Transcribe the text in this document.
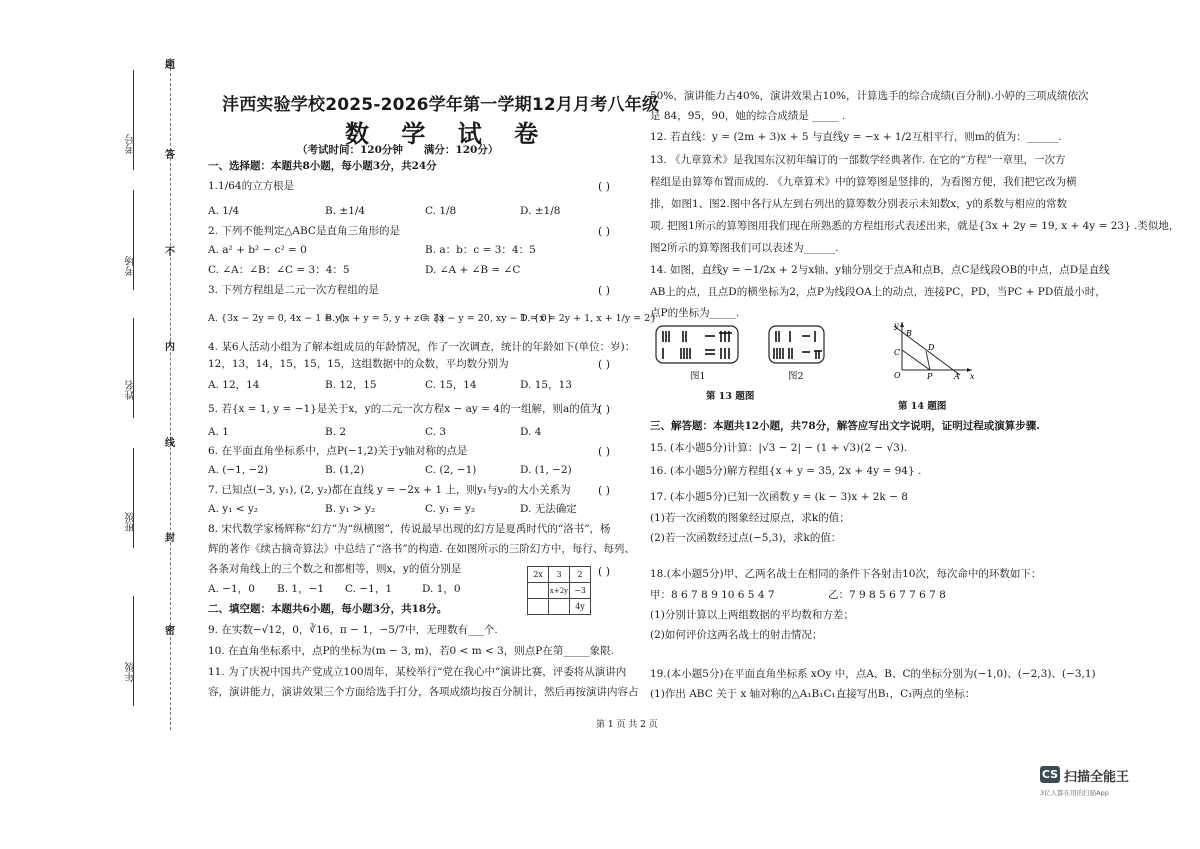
题
答
不
内
线
封
密
考号
考场
姓名
班级
年级
沣西实验学校2025-2026学年第一学期12月月考八年级
数 学 试 卷
（考试时间：120分钟　　满分：120分）
一、选择题：本题共8小题，每小题3分，共24分
1.1/64的立方根是	( )
A. 1/4	B. ±1/4	C. 1/8	D. ±1/8
2. 下列不能判定△ABC是直角三角形的是	( )
A. a² + b² − c² = 0	B. a：b：c = 3：4：5
C. ∠A：∠B：∠C = 3：4：5	D. ∠A + ∠B = ∠C
3. 下列方程组是二元一次方程组的是	( )
A. {3x − 2y = 0, 4x − 1 = y}
B. {x + y = 5, y + z = 3}
C. {x − y = 20, xy − 1 = 0}
D. {x = 2y + 1, x + 1/y = 2}
4. 某6人活动小组为了解本组成员的年龄情况，作了一次调查，统计的年龄如下(单位：岁)：
12，13，14，15，15，15，这组数据中的众数，平均数分别为	( )
A. 12，14	B. 12，15	C. 15，14	D. 15，13
5. 若{x = 1, y = −1}是关于x，y的二元一次方程x − ay = 4的一组解，则a的值为
( )
A. 1	B. 2	C. 3	D. 4
6. 在平面直角坐标系中，点P(−1,2)关于y轴对称的点是	( )
A. (−1, −2)	B. (1,2)	C. (2, −1)	D. (1, −2)
7. 已知点(−3, y₁), (2, y₂)都在直线 y = −2x + 1 上，则y₁与y₂的大小关系为 ( )
A. y₁ < y₂	B. y₁ > y₂	C. y₁ = y₂	D. 无法确定
8. 宋代数学家杨辉称“幻方”为“纵横图”，传说最早出现的幻方是夏禹时代的“洛书”，杨
辉的著作《续古摘奇算法》中总结了“洛书”的构造. 在如图所示的三阶幻方中，每行、每列、
各条对角线上的三个数之和都相等，则x，y的值分别是	( )
A. −1，0 B. 1，−1 C. −1，1	D. 1，0
2x	3	2
	x+2y	−3
		4y
二、填空题：本题共6小题，每小题3分，共18分。
9. 在实数−√12，0，∛16，π − 1，−5/7中，无理数有___个.
10. 在直角坐标系中，点P的坐标为(m − 3, m)，若0 < m < 3，则点P在第_____象限.
11. 为了庆祝中国共产党成立100周年，某校举行“党在我心中”演讲比赛，评委将从演讲内
容，演讲能力，演讲效果三个方面给选手打分，各项成绩均按百分制计，然后再按演讲内容占
第 1 页 共 2 页
50%，演讲能力占40%，演讲效果占10%，计算选手的综合成绩(百分制).小婷的三项成绩依次
是 84，95，90，她的综合成绩是 _____ .
12. 若直线：y = (2m + 3)x + 5 与直线y = −x + 1/2互相平行，则m的值为：______.
13. 《九章算术》是我国东汉初年编订的一部数学经典著作. 在它的“方程”一章里，一次方
程组是由算筹布置而成的. 《九章算术》中的算筹图是竖排的，为看图方便，我们把它改为横
排，如图1、图2.图中各行从左到右列出的算筹数分别表示未知数x，y的系数与相应的常数
项. 把图1所示的算筹图用我们现在所熟悉的方程组形式表述出来，就是{3x + 2y = 19, x + 4y = 23} .类似地，
图2所示的算筹图我们可以表述为______.
14. 如图，直线y = −1/2x + 2与x轴、y轴分别交于点A和点B，点C是线段OB的中点，点D是直线
AB上的点，且点D的横坐标为2，点P为线段OA上的动点，连接PC，PD，当PC + PD值最小时，
点P的坐标为_____.
图1	图2
第 13 题图
y
B
D
C
O	P	A x
第 14 题图
三、解答题：本题共12小题，共78分，解答应写出文字说明，证明过程或演算步骤.
15. (本小题5分)计算：|√3 − 2| − (1 + √3)(2 − √3).
16. (本小题5分)解方程组{x + y = 35, 2x + 4y = 94} .
17. (本小题5分)已知一次函数 y = (k − 3)x + 2k − 8
(1)若一次函数的图象经过原点，求k的值；
(2)若一次函数经过点(−5,3)，求k的值：
18.(本小题5分)甲、乙两名战士在相同的条件下各射击10次，每次命中的环数如下：
甲：8 6 7 8 9 10 6 5 4 7	乙：7 9 8 5 6 7 7 6 7 8
(1)分别计算以上两组数据的平均数和方差；
(2)如何评价这两名战士的射击情况；
19.(本小题5分)在平面直角坐标系 xOy 中，点A、B、C的坐标分别为(−1,0)、(−2,3)、(−3,1)
(1)作出 ABC 关于 x 轴对称的△A₁B₁C₁直接写出B₁，C₁两点的坐标：
CS 扫描全能王
3亿人都在用的扫描App
